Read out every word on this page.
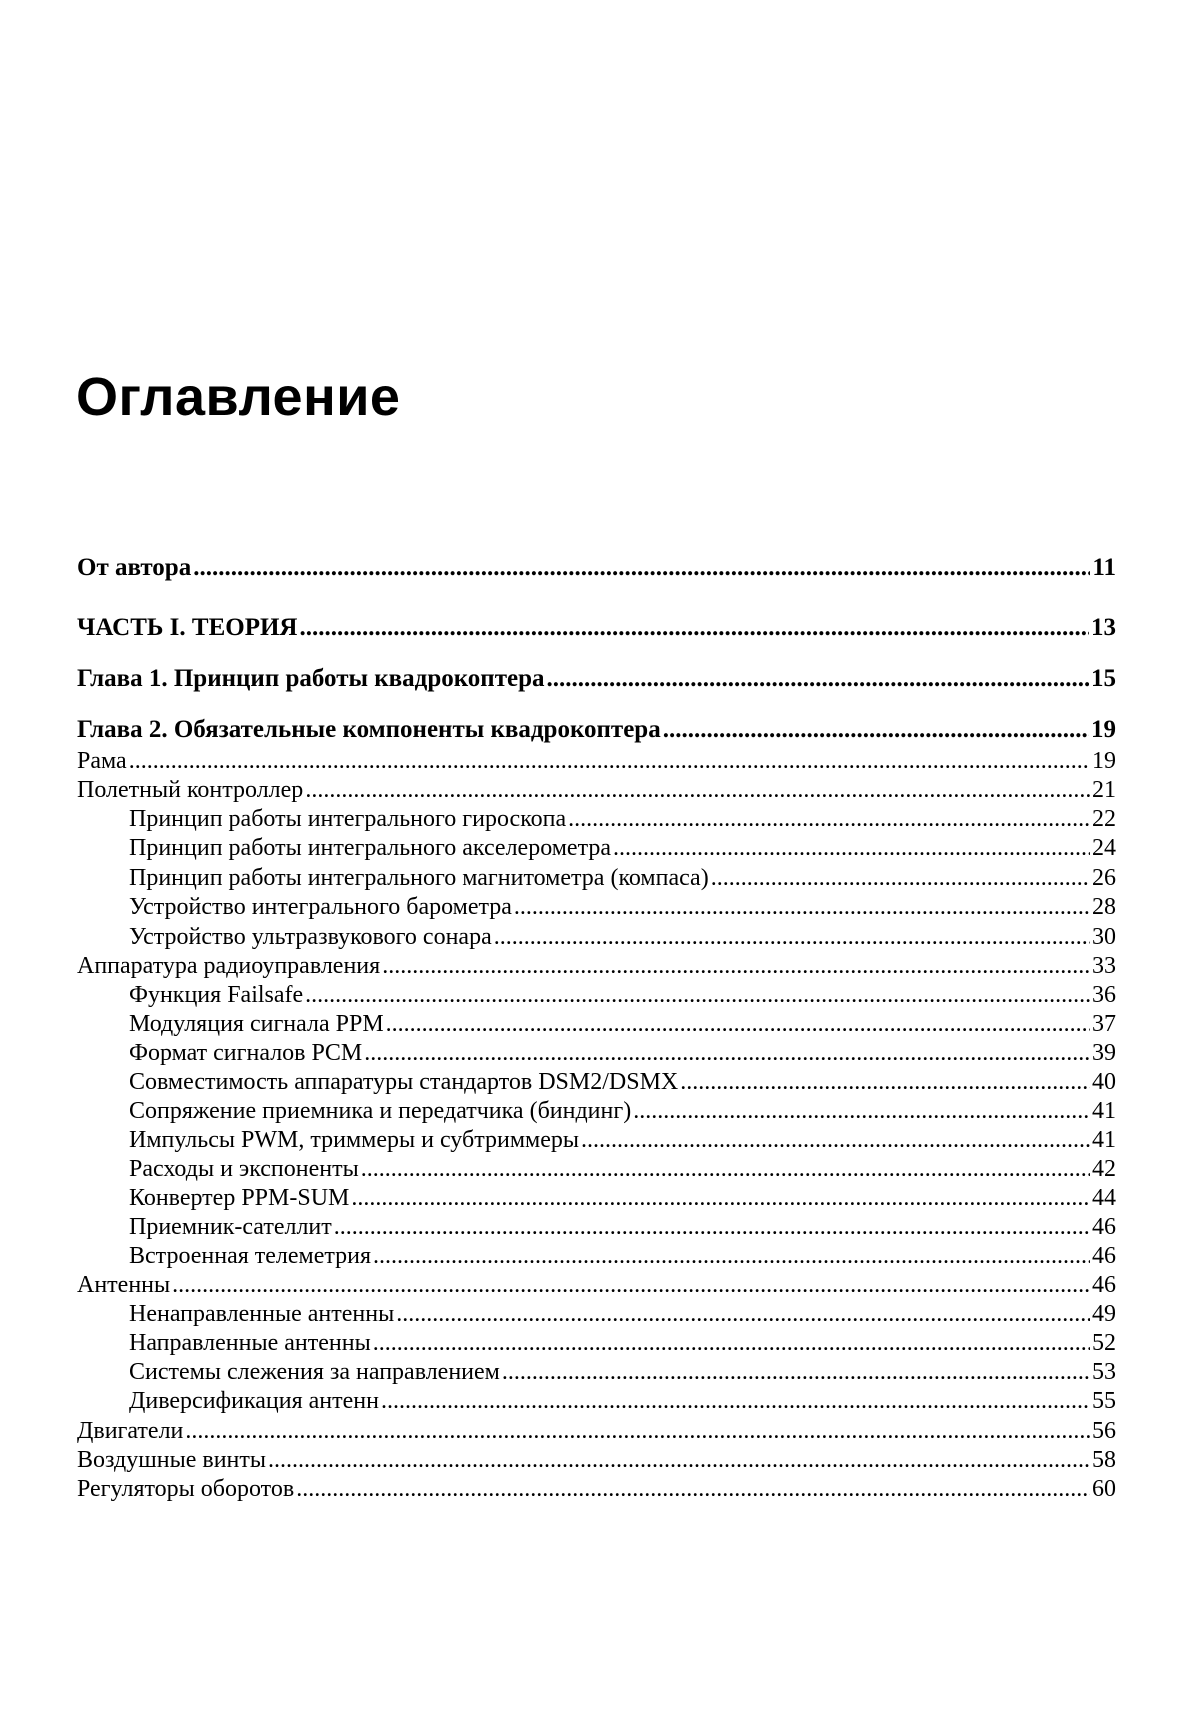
Оглавление
От автора .....	11
ЧАСТЬ I. ТЕОРИЯ .....	13
Глава 1. Принцип работы квадрокоптера .....	15
Глава 2. Обязательные компоненты квадрокоптера .....	19
Рама .....	19
Полетный контроллер .....	21
Принцип работы интегрального гироскопа .....	22
Принцип работы интегрального акселерометра .....	24
Принцип работы интегрального магнитометра (компаса) .....	26
Устройство интегрального барометра .....	28
Устройство ультразвукового сонара .....	30
Аппаратура радиоуправления .....	33
Функция Failsafe .....	36
Модуляция сигнала PPM .....	37
Формат сигналов PCM .....	39
Совместимость аппаратуры стандартов DSM2/DSMX .....	40
Сопряжение приемника и передатчика (биндинг) .....	41
Импульсы PWM, триммеры и субтриммеры .....	41
Расходы и экспоненты .....	42
Конвертер PPM-SUM .....	44
Приемник-сателлит .....	46
Встроенная телеметрия .....	46
Антенны .....	46
Ненаправленные антенны .....	49
Направленные антенны .....	52
Системы слежения за направлением .....	53
Диверсификация антенн .....	55
Двигатели .....	56
Воздушные винты .....	58
Регуляторы оборотов .....	60
